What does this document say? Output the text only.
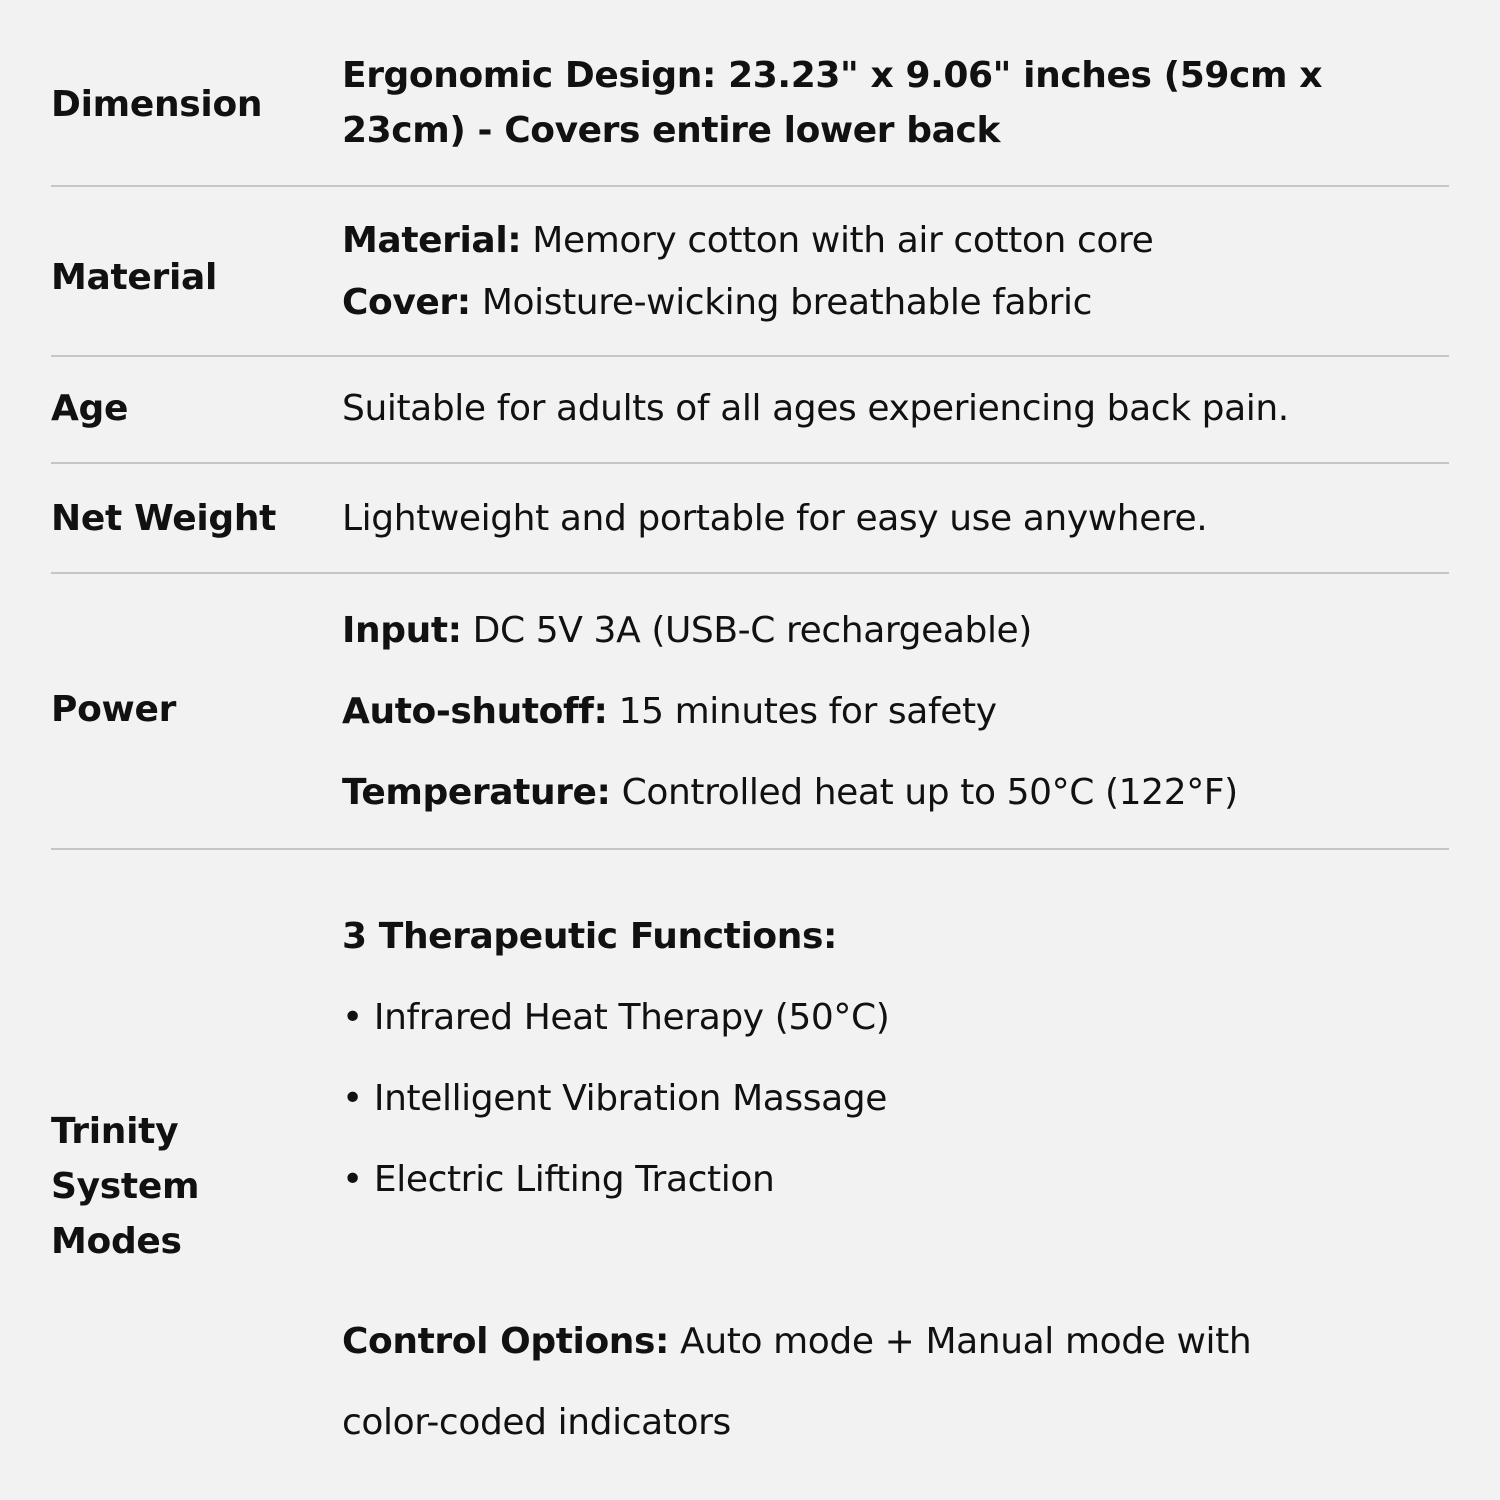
Dimension
Ergonomic Design: 23.23" x 9.06" inches (59cm x
23cm) - Covers entire lower back
Material
Material: Memory cotton with air cotton core
Cover: Moisture-wicking breathable fabric
Age	Suitable for adults of all ages experiencing back pain.
Net Weight	Lightweight and portable for easy use anywhere.
Power
Input: DC 5V 3A (USB-C rechargeable)
Auto-shutoff: 15 minutes for safety
Temperature: Controlled heat up to 50°C (122°F)
Trinity
System
Modes
3 Therapeutic Functions:
• Infrared Heat Therapy (50°C)
• Intelligent Vibration Massage
• Electric Lifting Traction

Control Options: Auto mode + Manual mode with
color-coded indicators
